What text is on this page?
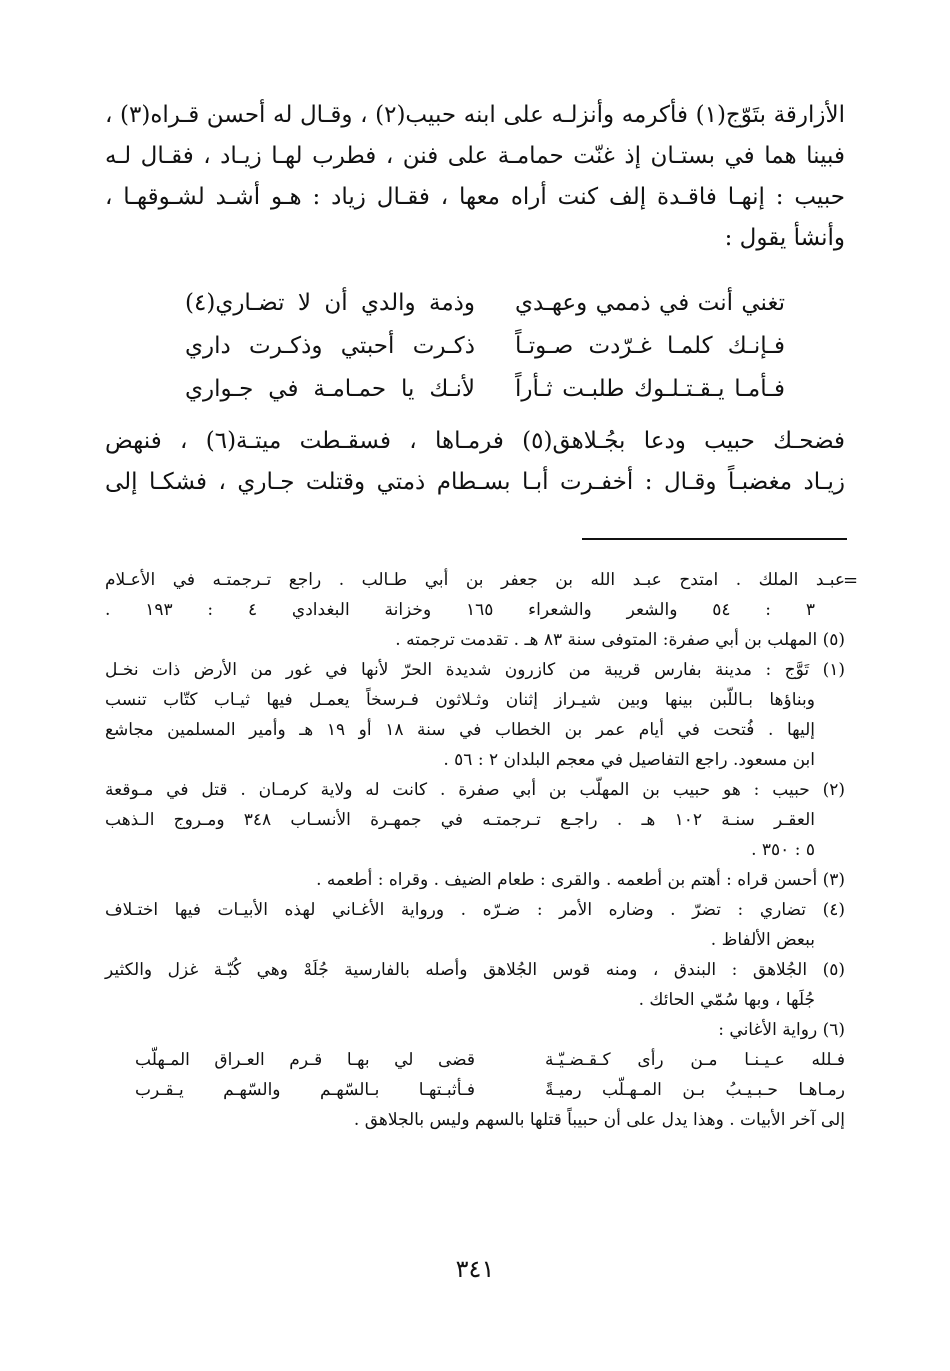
الأزارقة بتَوّج(١) فأكرمه وأنزلـه على ابنه حبيب(٢) ، وقـال له أحسن قـراه(٣) ،
فبينا هما في بستـان إذ غنّت حمامـة على فنن ، فطرب لهـا زيـاد ، فقـال لـه
حبيب : إنهـا فاقـدة إلف كنت أراه معها ، فقـال زياد : هـو أشـد لشـوقهـا ،
وأنشأ يقول :
تغني أنت في ذممي وعهـدي
وذمة والدي أن لا تضـاري(٤)
فـإنـك كلمـا غـرّدت صـوتـاً
ذكـرت أحبتي وذكـرت داري
فـأمـا يـقـتـلـوك طلبـت ثـأراً
لأنـك يا حمـامـة في جـواري
فضحـك حبيب ودعا بجُـلاهق(٥) فرمـاها ، فسقـطت ميتـة(٦) ، فنهض
زيـاد مغضبـاً وقـال : أخفـرت أبـا بسـطام ذمتي وقتلت جـاري ، فشكـا إلى
=
عبـد الملك . امتدح عبـد الله بن جعفر بن أبي طـالب . راجع تـرجمتـه في الأعـلام
٣ : ٥٤ والشعر والشعراء ١٦٥ وخزانة البغدادي ٤ : ١٩٣ .
(٥) المهلب بن أبي صفرة: المتوفى سنة ٨٣ هـ . تقدمت ترجمته .
(١) تَوَّج : مدينة بفارس قريبة من كازرون شديدة الحرّ لأنها في غور من الأرض ذات نخـل
وبناؤها بـاللّبن بينها وبين شيـراز إثنان وثـلاثون فـرسخاً يعمـل فيها ثيـاب كتّاب تنسب
إليها . فُتحت في أيام عمر بن الخطاب في سنة ١٨ أو ١٩ هـ وأمير المسلمين مجاشع
ابن مسعود. راجع التفاصيل في معجم البلدان ٢ : ٥٦ .
(٢) حبيب : هو حبيب بن المهلّب بن أبي صفرة . كانت له ولاية كرمـان . قتل في مـوقعة
العقـر سنـة ١٠٢ هـ . راجـع تـرجمتـه في جمهـرة الأنسـاب ٣٤٨ ومـروج الـذهب
٥ : ٣٥٠ .
(٣) أحسن قراه : أهتم بن أطعمه . والقرى : طعام الضيف . وقراه : أطعمه .
(٤) تضاري : تضرّ . وضاره الأمر : ضـرّه . ورواية الأغـاني لهذه الأبيـات فيها اختـلاف
ببعض الألفاظ .
(٥) الجُلاهق : البندق ، ومنه قوس الجُلاهق وأصله بالفارسية جُلَهْ وهي كُبّـة غزل والكثير
جُلَها ، وبها سُمّي الحائك .
(٦) رواية الأغاني :
فـلله عـيـنـا مـن رأى كـقـضـيّـة
قضى لي بهـا قـرم العـراق المـهلّب
رمـاهـا حـبـيـبُ بـن المـهـلّب رميـةً
فـأثبـتهـا بـالسّهـم والسّهـم يـقـرب
إلى آخر الأبيات . وهذا يدل على أن حبيباً قتلها بالسهم وليس بالجلاهق .
٣٤١
